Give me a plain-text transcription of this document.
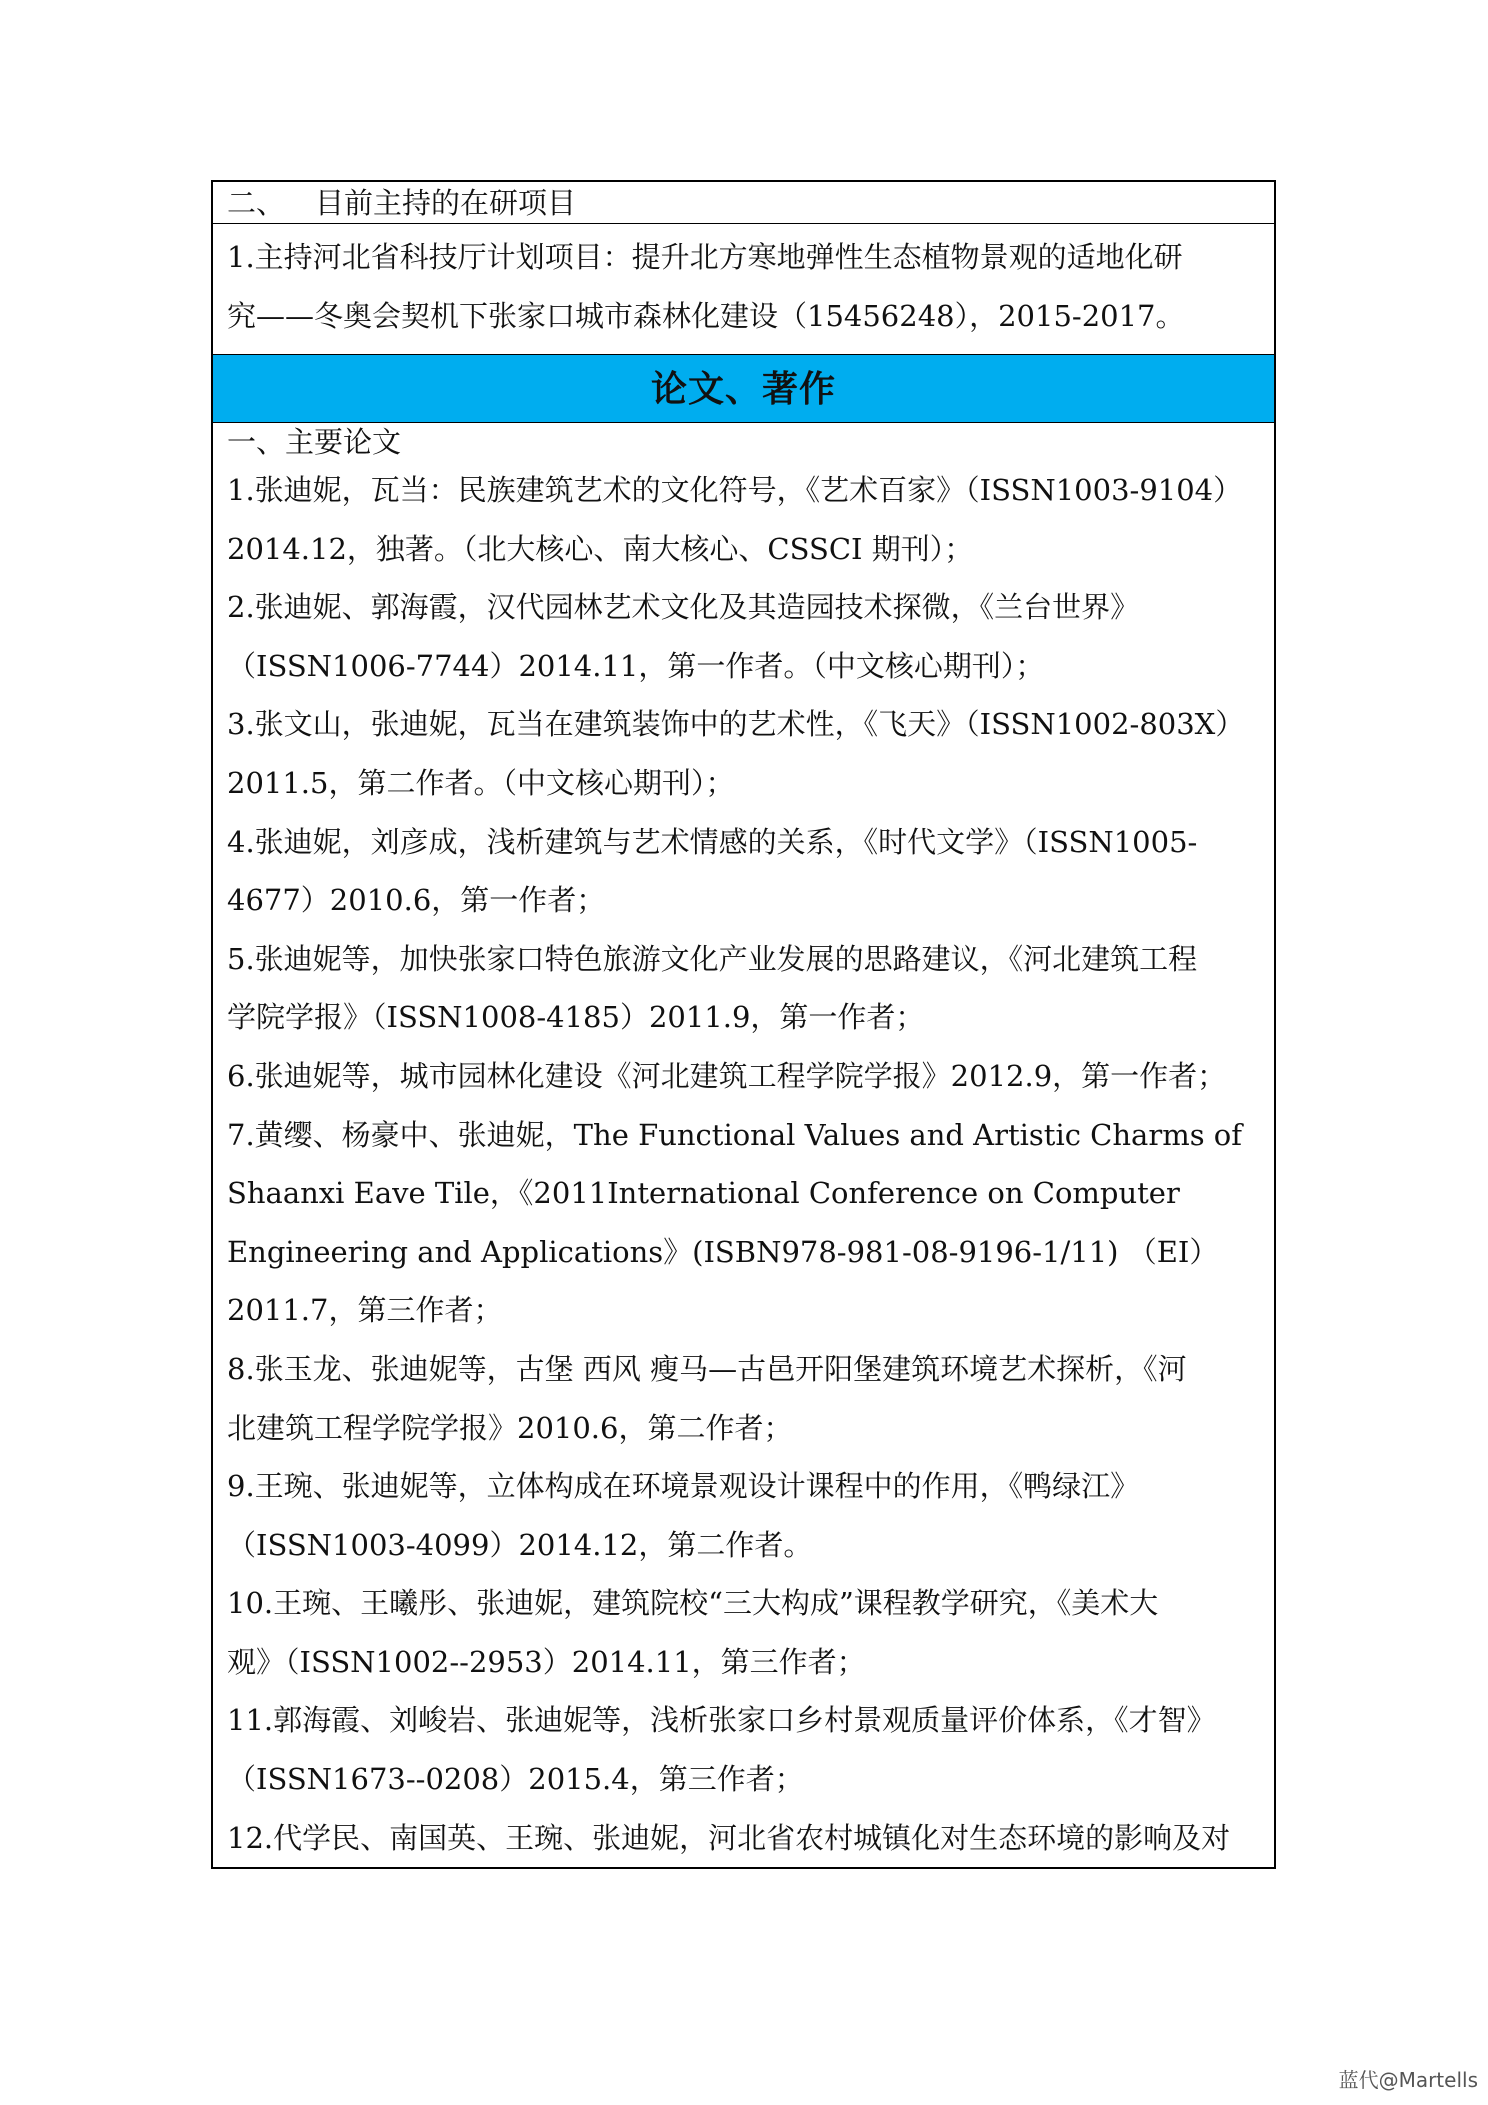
二、 目前主持的在研项目
1.主持河北省科技厅计划项目：提升北方寒地弹性生态植物景观的适地化研
究——冬奥会契机下张家口城市森林化建设（15456248），2015-2017。
论文、著作
一、主要论文
1.张迪妮，瓦当：民族建筑艺术的文化符号，《艺术百家》（ISSN1003-9104）
2014.12，独著。（北大核心、南大核心、CSSCI 期刊）；
2.张迪妮、郭海霞，汉代园林艺术文化及其造园技术探微，《兰台世界》
（ISSN1006-7744）2014.11，第一作者。（中文核心期刊）；
3.张文山，张迪妮，瓦当在建筑装饰中的艺术性，《飞天》（ISSN1002-803X）
2011.5，第二作者。（中文核心期刊）；
4.张迪妮，刘彦成，浅析建筑与艺术情感的关系，《时代文学》（ISSN1005-
4677）2010.6，第一作者；
5.张迪妮等，加快张家口特色旅游文化产业发展的思路建议，《河北建筑工程
学院学报》（ISSN1008-4185）2011.9，第一作者；
6.张迪妮等，城市园林化建设《河北建筑工程学院学报》2012.9，第一作者；
7.黄缨、杨豪中、张迪妮，The Functional Values and Artistic Charms of
Shaanxi Eave Tile，《2011International Conference on Computer
Engineering and Applications》(ISBN978-981-08-9196-1/11) （EI）
2011.7，第三作者；
8.张玉龙、张迪妮等，古堡 西风 瘦马—古邑开阳堡建筑环境艺术探析，《河
北建筑工程学院学报》2010.6，第二作者；
9.王琬、张迪妮等，立体构成在环境景观设计课程中的作用，《鸭绿江》
（ISSN1003-4099）2014.12，第二作者。
10.王琬、王曦彤、张迪妮，建筑院校“三大构成”课程教学研究，《美术大
观》（ISSN1002--2953）2014.11，第三作者；
11.郭海霞、刘峻岩、张迪妮等，浅析张家口乡村景观质量评价体系，《才智》
（ISSN1673--0208）2015.4，第三作者；
12.代学民、南国英、王琬、张迪妮，河北省农村城镇化对生态环境的影响及对
蓝代@Martells
